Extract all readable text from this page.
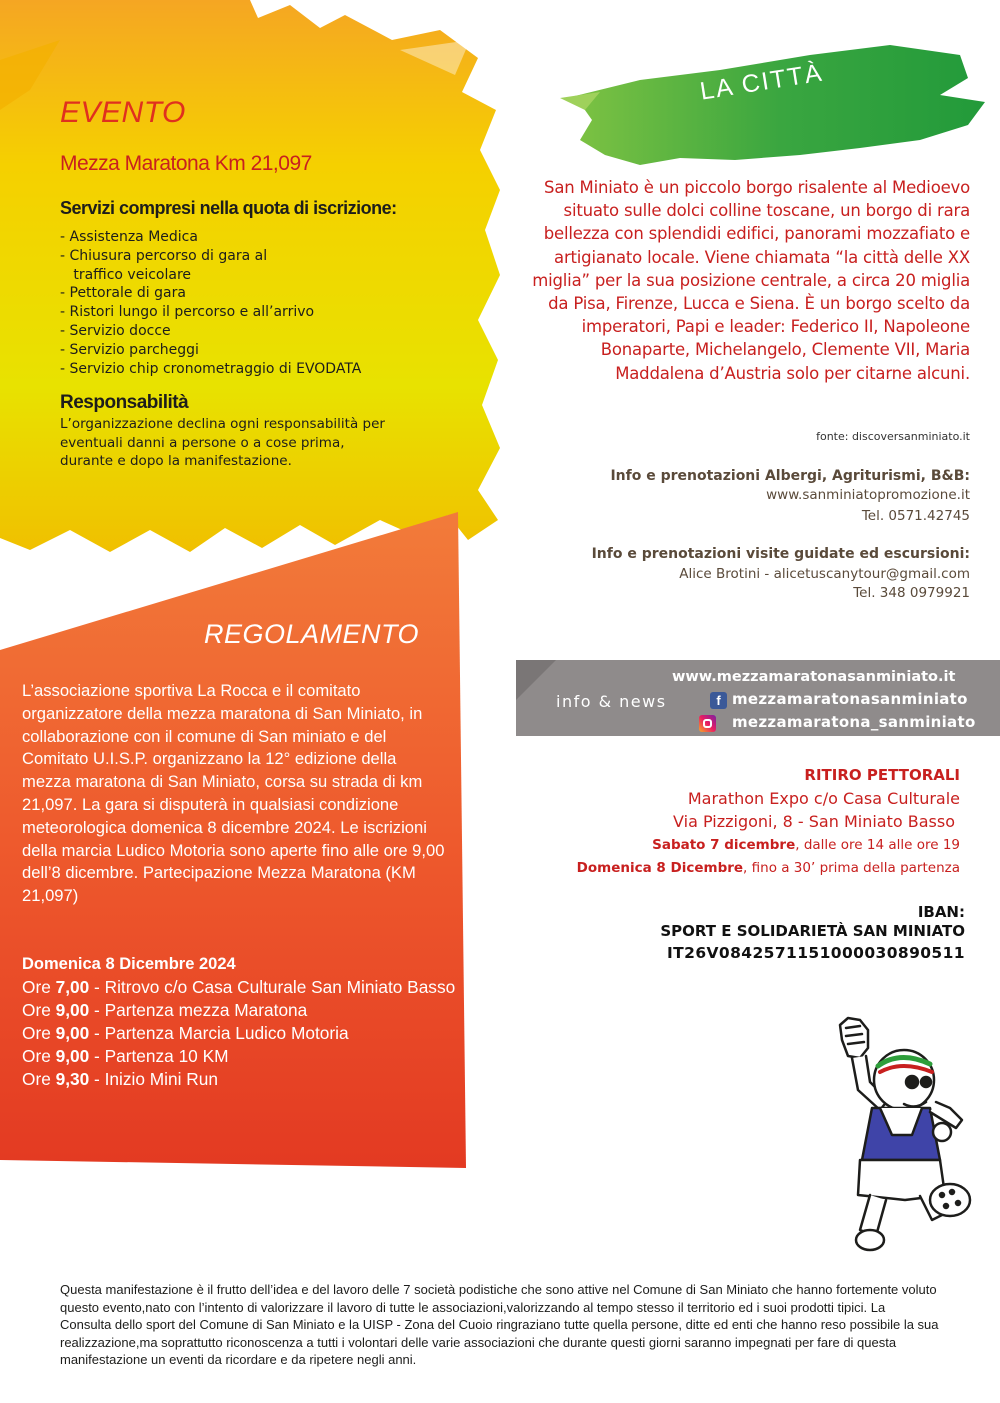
EVENTO
Mezza Maratona Km 21,097
Servizi compresi nella quota di iscrizione:
- Assistenza Medica
- Chiusura percorso di gara al
traffico veicolare
- Pettorale di gara
- Ristori lungo il percorso e all’arrivo
- Servizio docce
- Servizio parcheggi
- Servizio chip cronometraggio di EVODATA
Responsabilità
L’organizzazione declina ogni responsabilità per eventuali danni a persone o a cose prima, durante e dopo la manifestazione.
LA CITTÀ
San Miniato è un piccolo borgo risalente al Medioevo situato sulle dolci colline toscane, un borgo di rara bellezza con splendidi edifici, panorami mozzafiato e artigianato locale. Viene chiamata “la città delle XX miglia” per la sua posizione centrale, a circa 20 miglia da Pisa, Firenze, Lucca e Siena. È un borgo scelto da imperatori, Papi e leader: Federico II, Napoleone Bonaparte, Michelangelo, Clemente VII, Maria Maddalena d’Austria solo per citarne alcuni.
fonte: discoversanminiato.it
Info e prenotazioni Albergi, Agriturismi, B&B:
www.sanminiatopromozione.it
Tel. 0571.42745
Info e prenotazioni visite guidate ed escursioni:
Alice Brotini - alicetuscanytour@gmail.com
Tel. 348 0979921
REGOLAMENTO
L’associazione sportiva La Rocca e il comitato organizzatore della mezza maratona di San Miniato, in collaborazione con il comune di San miniato e del Comitato U.I.S.P. organizzano la 12° edizione della mezza maratona di San Miniato, corsa su strada di km 21,097. La gara si disputerà in qualsiasi condizione meteorologica domenica 8 dicembre 2024. Le iscrizioni della marcia Ludico Motoria sono aperte fino alle ore 9,00 dell’8 dicembre. Partecipazione Mezza Maratona (KM 21,097)
Domenica 8 Dicembre 2024
Ore 7,00 - Ritrovo c/o Casa Culturale San Miniato Basso
Ore 9,00 - Partenza mezza Maratona
Ore 9,00 - Partenza Marcia Ludico Motoria
Ore 9,00 - Partenza 10 KM
Ore 9,30 - Inizio Mini Run
info & news
www.mezzamaratonasanminiato.it
f mezzamaratonasanminiato
mezzamaratona_sanminiato
RITIRO PETTORALI
Marathon Expo c/o Casa Culturale
Via Pizzigoni, 8 - San Miniato Basso
Sabato 7 dicembre, dalle ore 14 alle ore 19
Domenica 8 Dicembre, fino a 30’ prima della partenza
IBAN:
SPORT E SOLIDARIETÀ SAN MINIATO
IT26V0842571151000030890511
Questa manifestazione è il frutto dell’idea e del lavoro delle 7 società podistiche che sono attive nel Comune di San Miniato che hanno fortemente voluto questo evento,nato con l’intento di valorizzare il lavoro di tutte le associazioni,valorizzando al tempo stesso il territorio ed i suoi prodotti tipici. La Consulta dello sport del Comune di San Miniato e la UISP - Zona del Cuoio ringraziano tutte quella persone, ditte ed enti che hanno reso possibile la sua realizzazione,ma soprattutto riconoscenza a tutti i volontari delle varie associazioni che durante questi giorni saranno impegnati per fare di questa manifestazione un eventi da ricordare e da ripetere negli anni.
